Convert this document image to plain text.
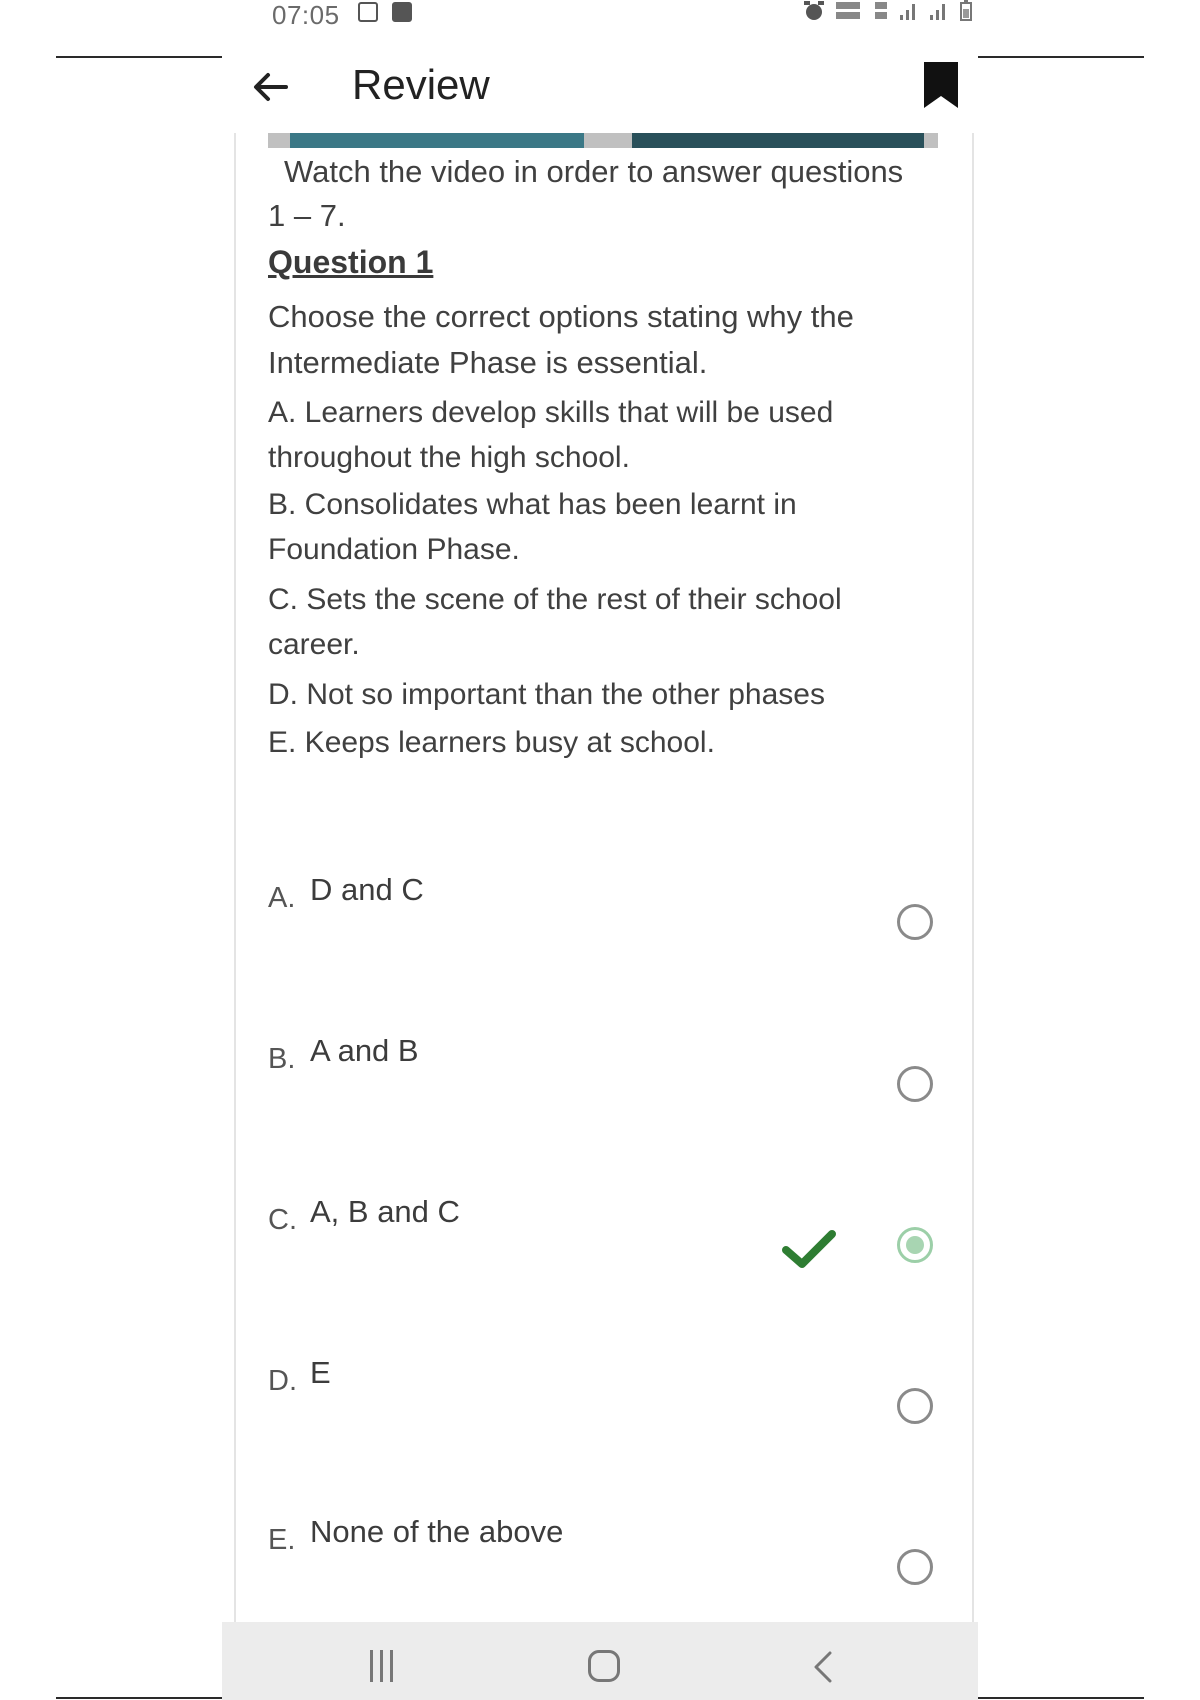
07:05
Review
Watch the video in order to answer questions 1 – 7.
Question 1
Choose the correct options stating why the Intermediate Phase is essential.
A. Learners develop skills that will be used throughout the high school.
B. Consolidates what has been learnt in Foundation Phase.
C. Sets the scene of the rest of their school career.
D. Not so important than the other phases
E. Keeps learners busy at school.
A. D and C
B. A and B
C. A, B and C
D. E
E. None of the above
